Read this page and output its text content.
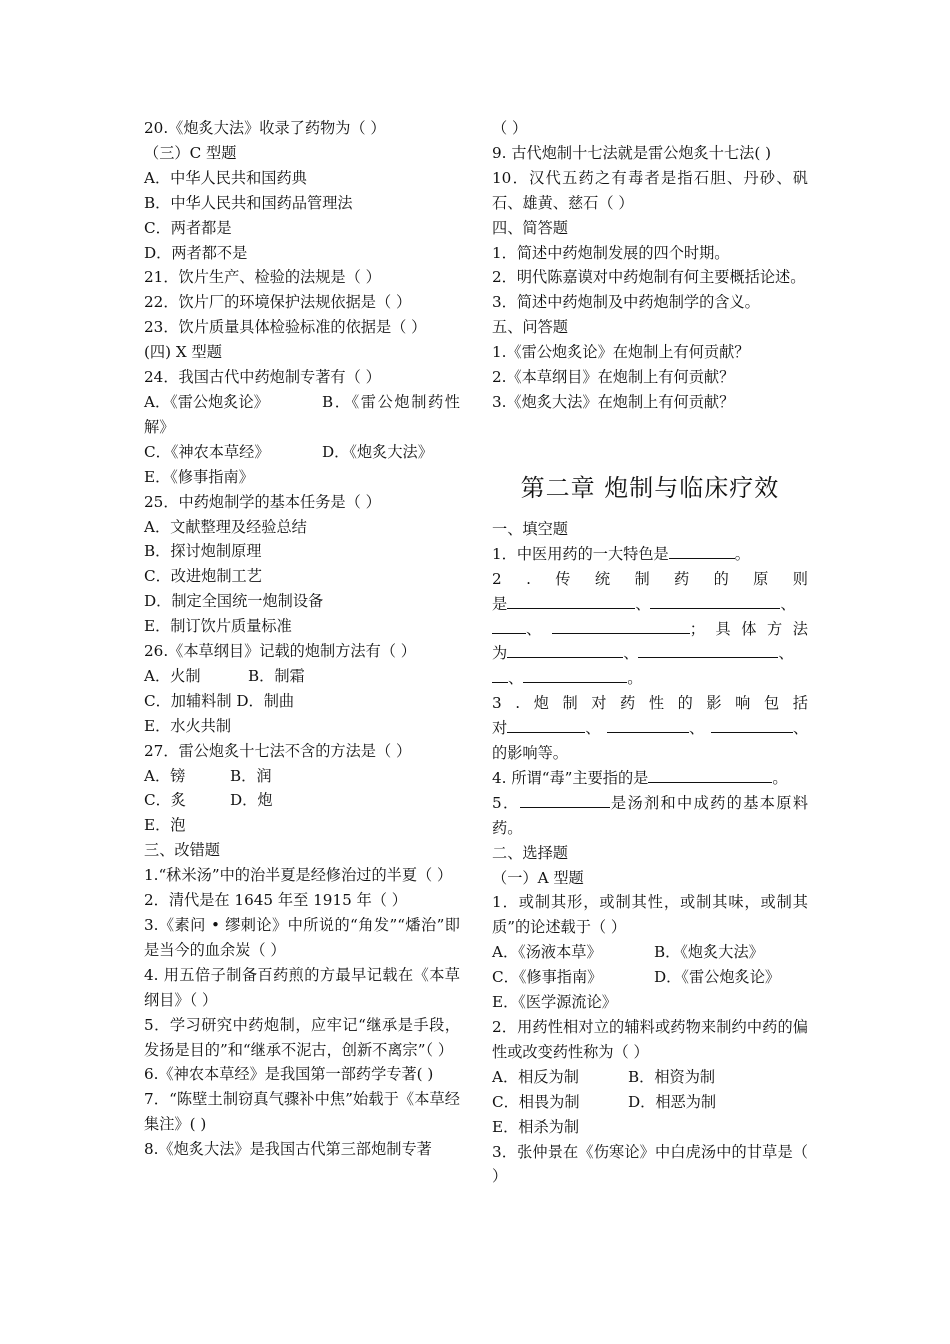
20.《炮炙大法》收录了药物为（ ）
（三）C 型题
A．中华人民共和国药典
B．中华人民共和国药品管理法
C．两者都是
D．两者都不是
21．饮片生产、检验的法规是（ ）
22．饮片厂的环境保护法规依据是（ ）
23．饮片质量具体检验标准的依据是（ ）
(四) X 型题
24．我国古代中药炮制专著有（ ）
A．《雷公炮炙论》	B．《雷公炮制药性解》
C．《神农本草经》	D．《炮炙大法》
E．《修事指南》
25．中药炮制学的基本任务是（ ）
A．文献整理及经验总结
B．探讨炮制原理
C．改进炮制工艺
D．制定全国统一炮制设备
E．制订饮片质量标准
26.《本草纲目》记载的炮制方法有（ ）
A．火制	B．制霜
C．加辅料制 D．制曲
E．水火共制
27．雷公炮炙十七法不含的方法是（ ）
A．镑	B．润
C．炙	D．炮
E．泡
三、改错题
1.“秫米汤”中的治半夏是经修治过的半夏（ ）
2．清代是在 1645 年至 1915 年（ ）
3.《素问 • 缪刺论》中所说的“角发”“燔治”即是当今的血余炭（ ）
4. 用五倍子制备百药煎的方最早记载在《本草纲目》（ ）
5．学习研究中药炮制，应牢记“继承是手段，发扬是目的”和“继承不泥古，创新不离宗”（ ）
6.《神农本草经》是我国第一部药学专著( )
7．“陈壁土制窃真气骤补中焦”始载于《本草经集注》( )
8.《炮炙大法》是我国古代第三部炮制专著
（ ）
9. 古代炮制十七法就是雷公炮炙十七法( )
10．汉代五药之有毒者是指石胆、丹砂、矾石、雄黄、慈石（ ）
四、简答题
1．简述中药炮制发展的四个时期。
2．明代陈嘉谟对中药炮制有何主要概括论述。
3．简述中药炮制及中药炮制学的含义。
五、问答题
1.《雷公炮炙论》在炮制上有何贡献？
2.《本草纲目》在炮制上有何贡献？
3.《炮炙大法》在炮制上有何贡献？
第二章 炮制与临床疗效
一、填空题
1．中医用药的一大特色是	。
2 . 传 统 制 药 的 原 则
是	、	、
、	； 具 体 方 法
为	、	、
、	。
3 . 炮 制 对 药 性 的 影 响 包 括
对	、	、	、
的影响等。
4. 所谓“毒”主要指的是	。
5．	是汤剂和中成药的基本原料药。
二、选择题
（一）A 型题
1．或制其形，或制其性，或制其味，或制其质”的论述载于（ ）
A．《汤液本草》	B．《炮炙大法》
C．《修事指南》	D．《雷公炮炙论》
E．《医学源流论》
2．用药性相对立的辅料或药物来制约中药的偏性或改变药性称为（ ）
A．相反为制	B．相资为制
C．相畏为制	D．相恶为制
E．相杀为制
3．张仲景在《伤寒论》中白虎汤中的甘草是（ ）
